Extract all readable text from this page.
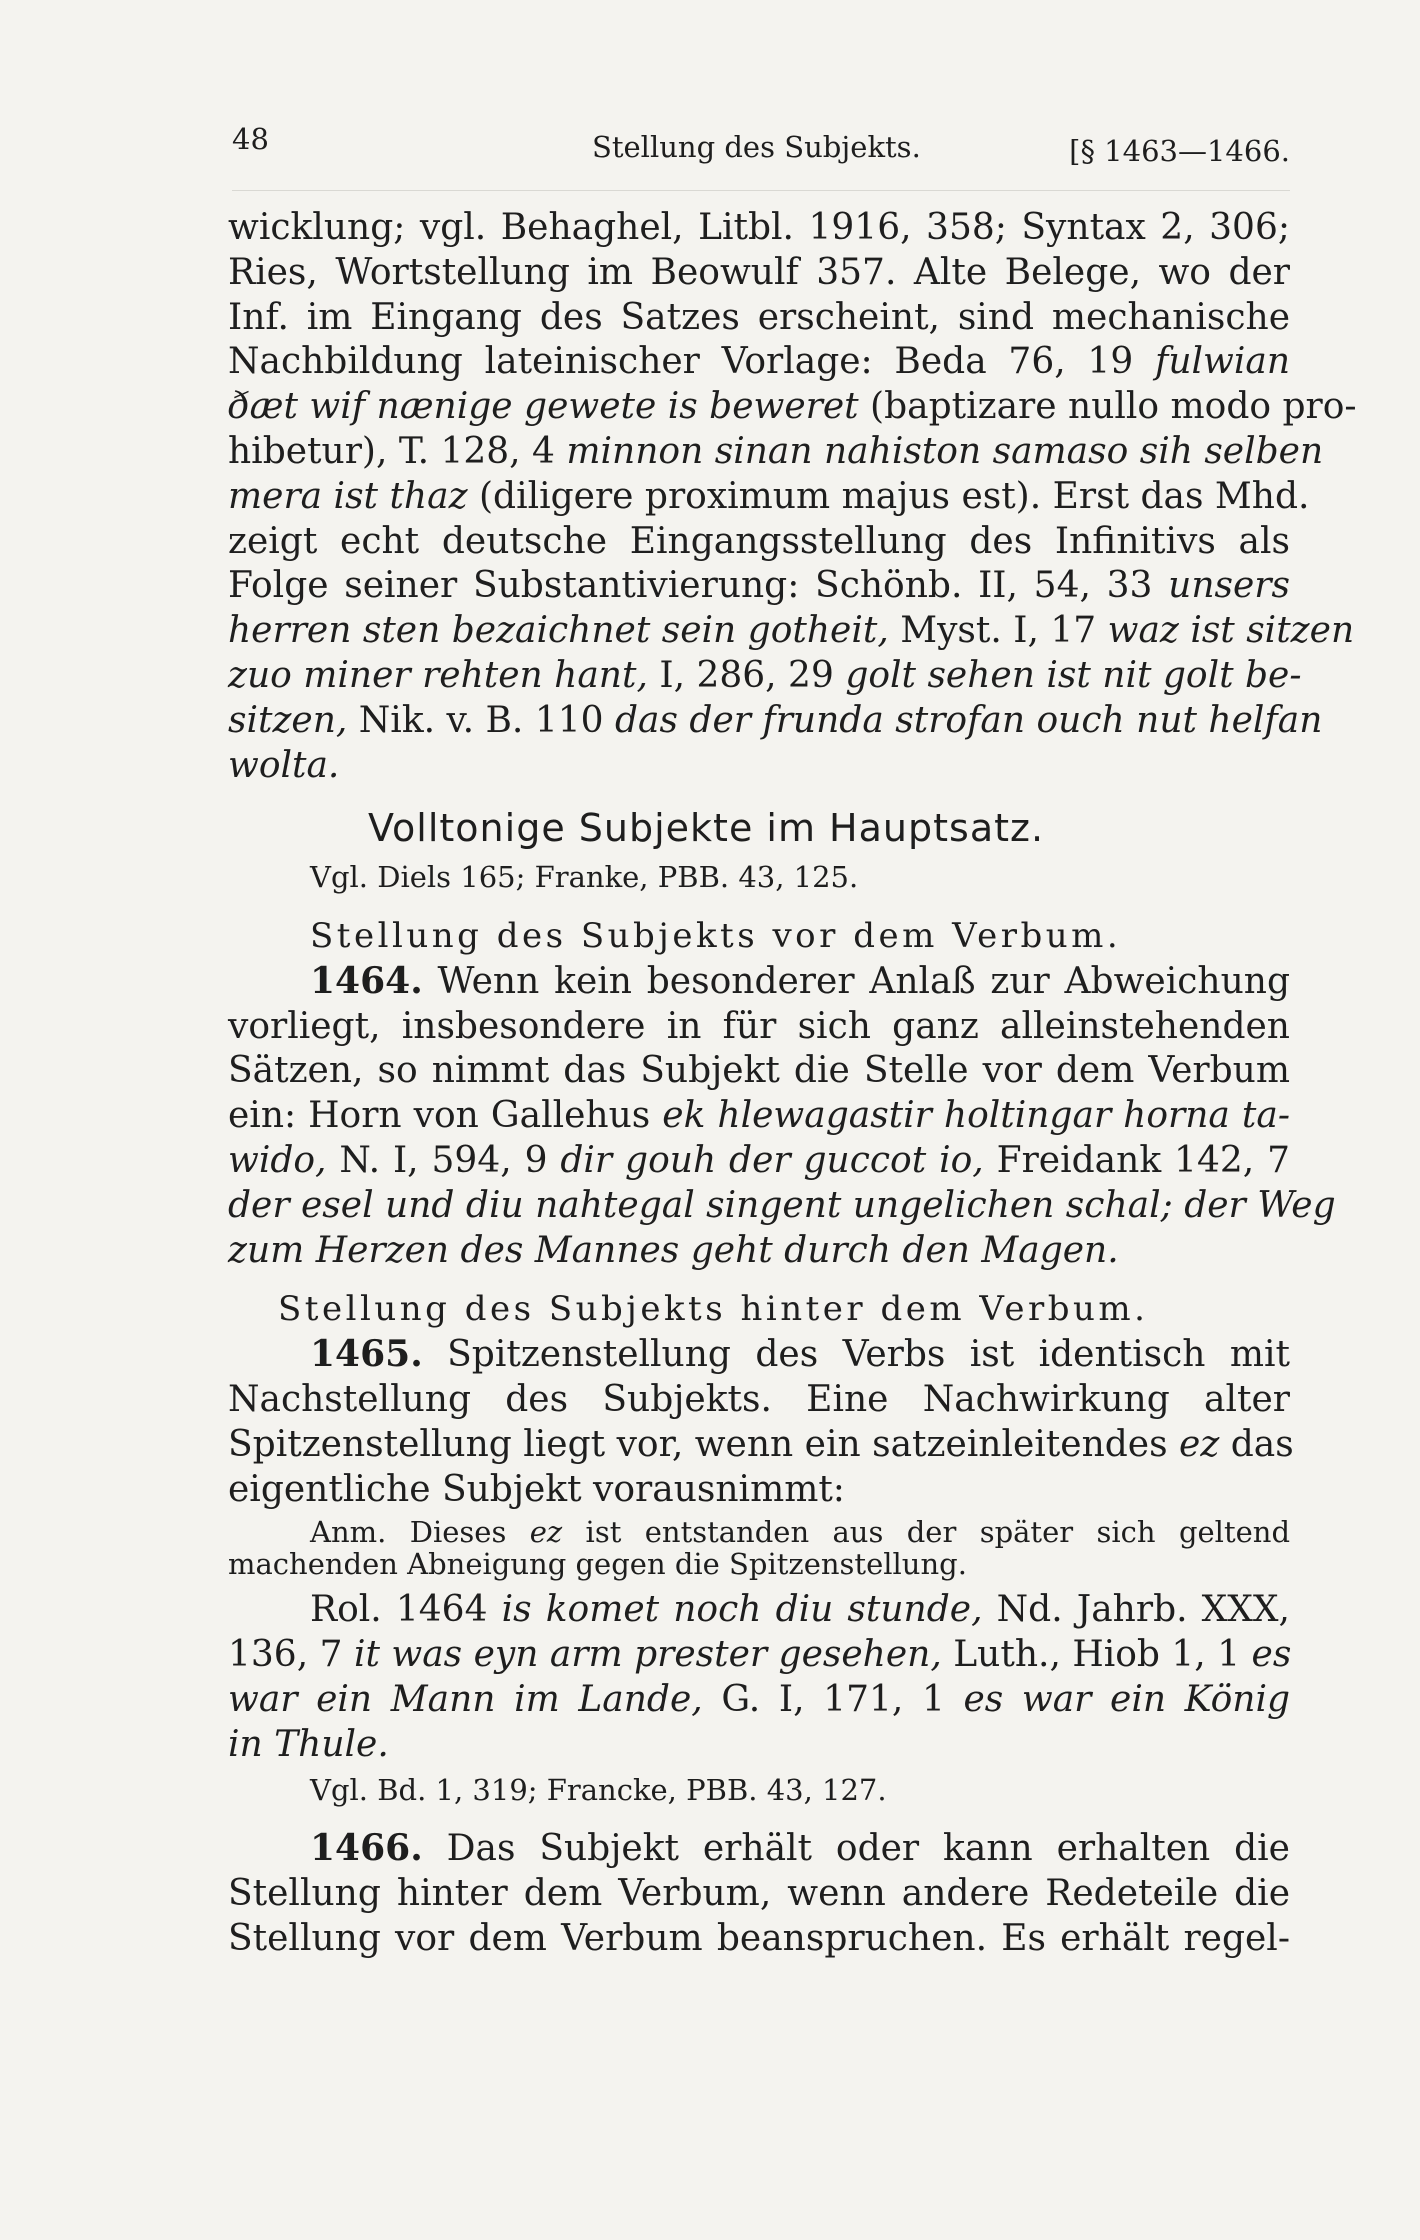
48	Stellung des Subjekts.	[§ 1463—1466.
wicklung; vgl. Behaghel, Litbl. 1916, 358; Syntax 2, 306;
Ries, Wortstellung im Beowulf 357. Alte Belege, wo der
Inf. im Eingang des Satzes erscheint, sind mechanische
Nachbildung lateinischer Vorlage: Beda 76, 19 fulwian
ðæt wif nænige gewete is beweret (baptizare nullo modo pro-
hibetur), T. 128, 4 minnon sinan nahiston samaso sih selben
mera ist thaz (diligere proximum majus est). Erst das Mhd.
zeigt echt deutsche Eingangsstellung des Infinitivs als
Folge seiner Substantivierung: Schönb. II, 54, 33 unsers
herren sten bezaichnet sein gotheit, Myst. I, 17 waz ist sitzen
zuo miner rehten hant, I, 286, 29 golt sehen ist nit golt be-
sitzen, Nik. v. B. 110 das der frunda strofan ouch nut helfan
wolta.
Volltonige Subjekte im Hauptsatz.
Vgl. Diels 165; Franke, PBB. 43, 125.
Stellung des Subjekts vor dem Verbum.
1464. Wenn kein besonderer Anlaß zur Abweichung
vorliegt, insbesondere in für sich ganz alleinstehenden
Sätzen, so nimmt das Subjekt die Stelle vor dem Verbum
ein: Horn von Gallehus ek hlewagastir holtingar horna ta-
wido, N. I, 594, 9 dir gouh der guccot io, Freidank 142, 7
der esel und diu nahtegal singent ungelichen schal; der Weg
zum Herzen des Mannes geht durch den Magen.
Stellung des Subjekts hinter dem Verbum.
1465. Spitzenstellung des Verbs ist identisch mit
Nachstellung des Subjekts. Eine Nachwirkung alter
Spitzenstellung liegt vor, wenn ein satzeinleitendes ez das
eigentliche Subjekt vorausnimmt:
Anm. Dieses ez ist entstanden aus der später sich geltend
machenden Abneigung gegen die Spitzenstellung.
Rol. 1464 is komet noch diu stunde, Nd. Jahrb. XXX,
136, 7 it was eyn arm prester gesehen, Luth., Hiob 1, 1 es
war ein Mann im Lande, G. I, 171, 1 es war ein König
in Thule.
Vgl. Bd. 1, 319; Francke, PBB. 43, 127.
1466. Das Subjekt erhält oder kann erhalten die
Stellung hinter dem Verbum, wenn andere Redeteile die
Stellung vor dem Verbum beanspruchen. Es erhält regel-
